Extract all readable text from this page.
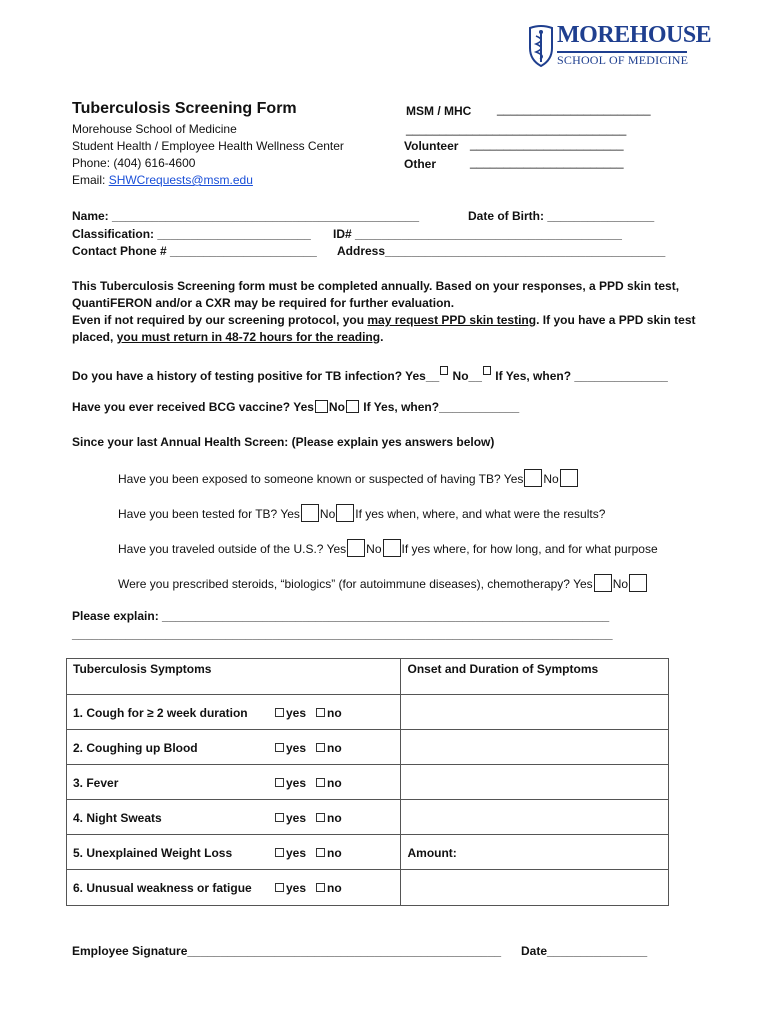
MOREHOUSE
SCHOOL OF MEDICINE
Tuberculosis Screening Form
Morehouse School of Medicine
Student Health / Employee Health Wellness Center
Phone: (404) 616-4600
Email: SHWCrequests@msm.edu
MSM / MHC _______________________
_________________________________
Volunteer _______________________
Other	_______________________
Name: ______________________________________________	Date of Birth: ________________
Classification: _______________________ ID# ________________________________________
Contact Phone # ______________________ Address__________________________________________
This Tuberculosis Screening form must be completed annually. Based on your responses, a PPD skin test,
QuantiFERON and/or a CXR may be required for further evaluation.
Even if not required by our screening protocol, you may request PPD skin testing. If you have a PPD skin test
placed, you must return in 48-72 hours for the reading.
Do you have a history of testing positive for TB infection? Yes__ No__ If Yes, when? ______________
Have you ever received BCG vaccine? Yes No If Yes, when?____________
Since your last Annual Health Screen: (Please explain yes answers below)
Have you been exposed to someone known or suspected of having TB? Yes No
Have you been tested for TB? Yes No If yes when, where, and what were the results?
Have you traveled outside of the U.S.? Yes No If yes where, for how long, and for what purpose
Were you prescribed steroids, “biologics” (for autoimmune diseases), chemotherapy? Yes No
Please explain: ___________________________________________________________________
_________________________________________________________________________________
Tuberculosis Symptoms		Onset and Duration of Symptoms
1. Cough for ≥ 2 week duration	yes no	
2. Coughing up Blood	yes no	
3. Fever	yes no	
4. Night Sweats	yes no	
5. Unexplained Weight Loss	yes no	Amount:
6. Unusual weakness or fatigue	yes no	
Employee Signature_______________________________________________ Date_______________
